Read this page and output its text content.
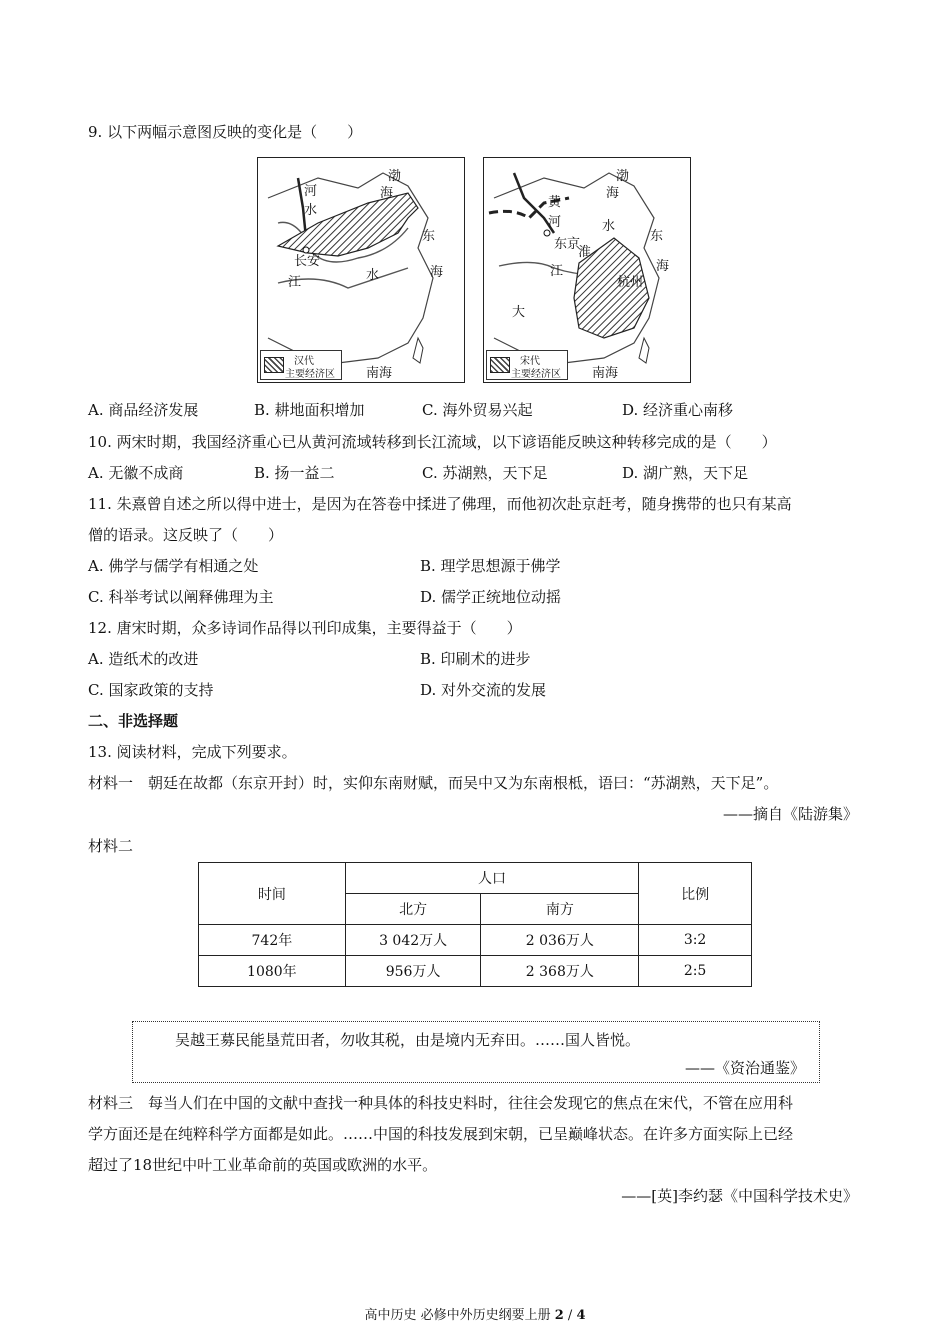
9. 以下两幅示意图反映的变化是（　　）
河
水
渤
海
东
海
长安
江	水
南海
汉代
主要经济区
渤
海
黄
河
东京
淮
水
东
海
江
大
杭州
南海
宋代
主要经济区
A. 商品经济发展	B. 耕地面积增加	C. 海外贸易兴起	D. 经济重心南移
10. 两宋时期，我国经济重心已从黄河流域转移到长江流域，以下谚语能反映这种转移完成的是（　　）
A. 无徽不成商	B. 扬一益二	C. 苏湖熟，天下足	D. 湖广熟，天下足
11. 朱熹曾自述之所以得中进士，是因为在答卷中揉进了佛理，而他初次赴京赶考，随身携带的也只有某高
僧的语录。这反映了（　　）
A. 佛学与儒学有相通之处	B. 理学思想源于佛学
C. 科举考试以阐释佛理为主	D. 儒学正统地位动摇
12. 唐宋时期，众多诗词作品得以刊印成集，主要得益于（　　）
A. 造纸术的改进	B. 印刷术的进步
C. 国家政策的支持	D. 对外交流的发展
二、非选择题
13. 阅读材料，完成下列要求。
材料一　朝廷在故都（东京开封）时，实仰东南财赋，而吴中又为东南根柢，语曰：“苏湖熟，天下足”。
——摘自《陆游集》
材料二
时间	人口		比例
	北方	南方	
742年	3 042万人	2 036万人	3:2
1080年	956万人	2 368万人	2:5
吴越王募民能垦荒田者，勿收其税，由是境内无弃田。……国人皆悦。
——《资治通鉴》
材料三　每当人们在中国的文献中查找一种具体的科技史料时，往往会发现它的焦点在宋代，不管在应用科
学方面还是在纯粹科学方面都是如此。……中国的科技发展到宋朝，已呈巅峰状态。在许多方面实际上已经
超过了18世纪中叶工业革命前的英国或欧洲的水平。
——[英]李约瑟《中国科学技术史》
高中历史 必修中外历史纲要上册 2 / 4
